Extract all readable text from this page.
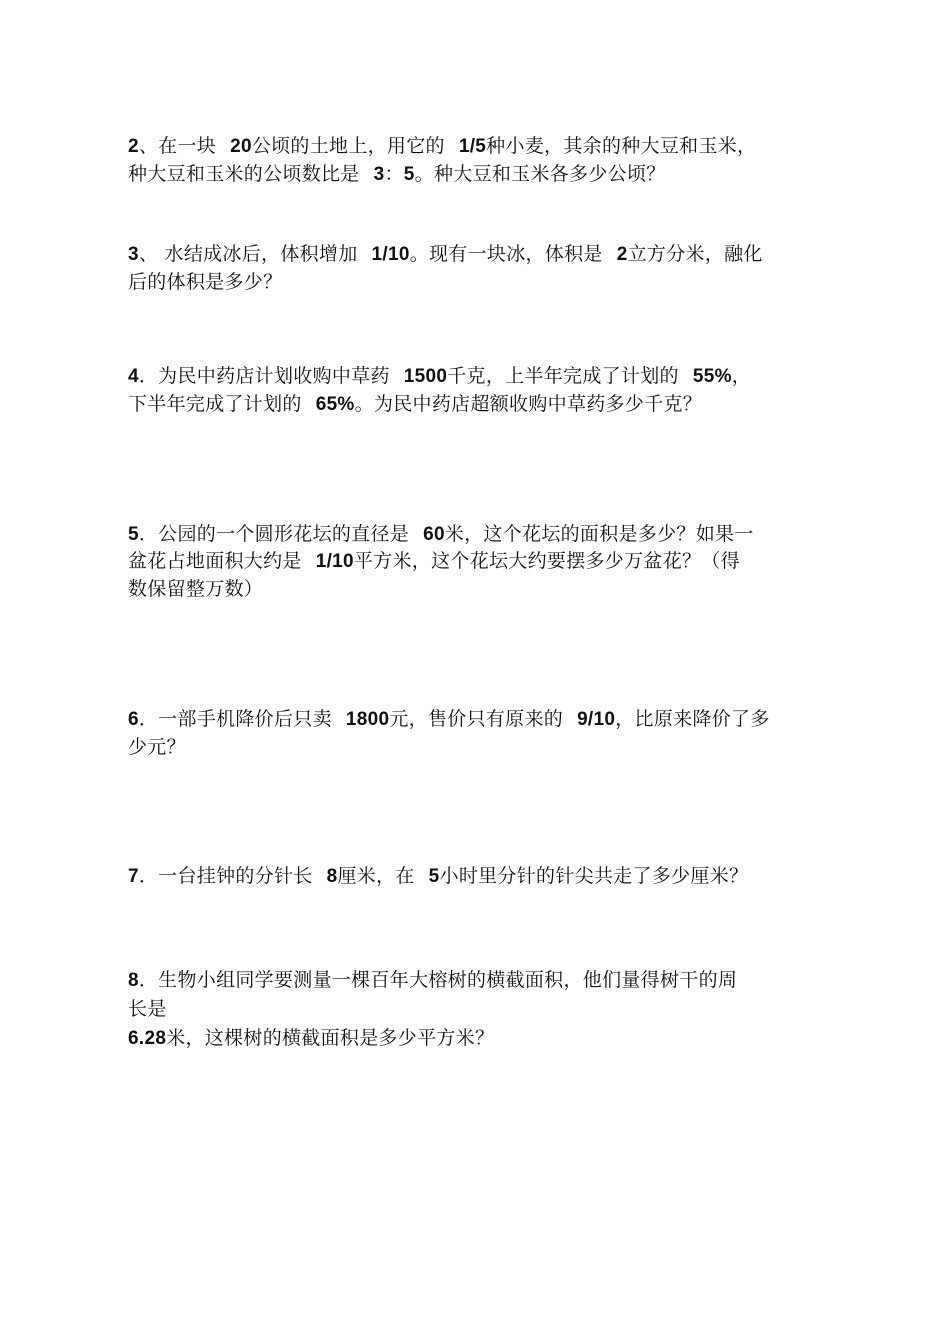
2、在一块 20公顷的土地上，用它的 1/5种小麦，其余的种大豆和玉米，
种大豆和玉米的公顷数比是 3：5。种大豆和玉米各多少公顷？
3、 水结成冰后，体积增加 1/10。现有一块冰，体积是 2立方分米，融化
后的体积是多少？
4．为民中药店计划收购中草药 1500千克，上半年完成了计划的 55%，
下半年完成了计划的 65%。为民中药店超额收购中草药多少千克？
5．公园的一个圆形花坛的直径是 60米，这个花坛的面积是多少？如果一
盆花占地面积大约是 1/10平方米，这个花坛大约要摆多少万盆花？（得
数保留整万数）
6．一部手机降价后只卖 1800元，售价只有原来的 9/10，比原来降价了多
少元？
7．一台挂钟的分针长 8厘米，在 5小时里分针的针尖共走了多少厘米？
8．生物小组同学要测量一棵百年大榕树的横截面积，他们量得树干的周
长是
6.28米，这棵树的横截面积是多少平方米？
